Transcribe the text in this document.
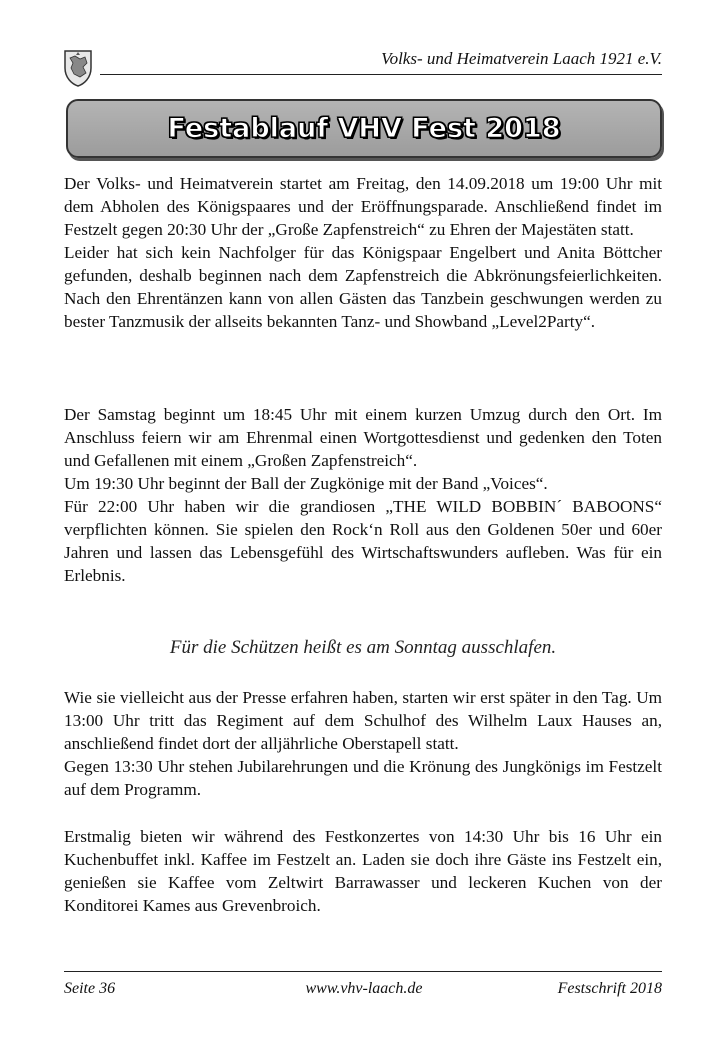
Volks- und Heimatverein Laach 1921 e.V.
Festablauf VHV Fest 2018

Der Volks- und Heimatverein startet am Freitag, den 14.09.2018 um 19:00 Uhr mit dem Abholen des Königspaares und der Eröffnungsparade. Anschließend findet im Festzelt gegen 20:30 Uhr der „Große Zapfenstreich“ zu Ehren der Majestäten statt.

Leider hat sich kein Nachfolger für das Königspaar Engelbert und Anita Böttcher gefunden, deshalb beginnen nach dem Zapfenstreich die Abkrönungsfeierlichkeiten. Nach den Ehrentänzen kann von allen Gästen das Tanzbein geschwungen werden zu bester Tanzmusik der allseits bekannten Tanz- und Showband „Level2Party“.

Der Samstag beginnt um 18:45 Uhr mit einem kurzen Umzug durch den Ort. Im Anschluss feiern wir am Ehrenmal einen Wortgottesdienst und gedenken den Toten und Gefallenen mit einem „Großen Zapfenstreich“.

Um 19:30 Uhr beginnt der Ball der Zugkönige mit der Band „Voices“.

Für 22:00 Uhr haben wir die grandiosen „THE WILD BOBBIN´ BABOONS“ verpflichten können. Sie spielen den Rock‘n Roll aus den Goldenen 50er und 60er Jahren und lassen das Lebensgefühl des Wirtschaftswunders aufleben. Was für ein Erlebnis.

Für die Schützen heißt es am Sonntag ausschlafen.

Wie sie vielleicht aus der Presse erfahren haben, starten wir erst später in den Tag. Um 13:00 Uhr tritt das Regiment auf dem Schulhof des Wilhelm Laux Hauses an, anschließend findet dort der alljährliche Oberstapell statt.

Gegen 13:30 Uhr stehen Jubilarehrungen und die Krönung des Jungkönigs im Festzelt auf dem Programm.

Erstmalig bieten wir während des Festkonzertes von 14:30 Uhr bis 16 Uhr ein Kuchenbuffet inkl. Kaffee im Festzelt an. Laden sie doch ihre Gäste ins Festzelt ein, genießen sie Kaffee vom Zeltwirt Barrawasser und leckeren Kuchen von der Konditorei Kames aus Grevenbroich.

Seite 36	www.vhv-laach.de	Festschrift 2018
